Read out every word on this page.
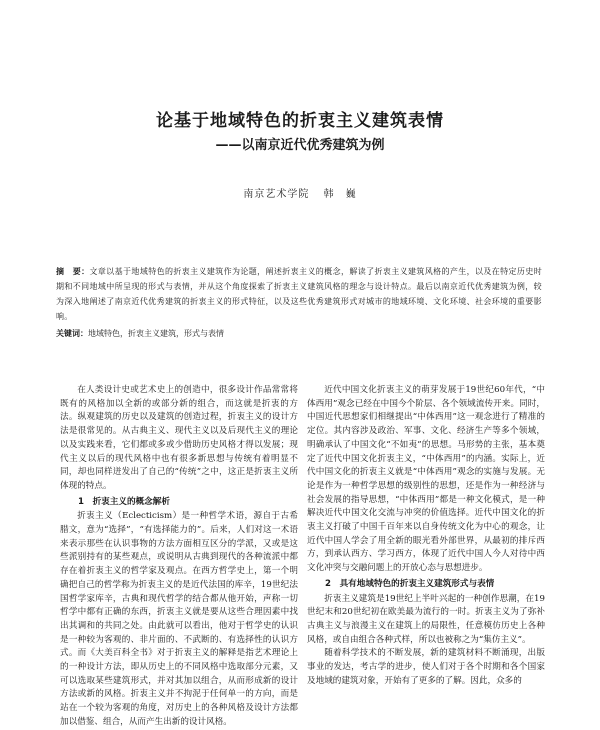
论基于地域特色的折衷主义建筑表情
——以南京近代优秀建筑为例
南京艺术学院 韩　巍
摘　要：文章以基于地域特色的折衷主义建筑作为论题，阐述折衷主义的概念，解读了折衷主义建筑风格的产生，以及在特定历史时期和不同地域中所呈现的形式与表情，并从这个角度探索了折衷主义建筑风格的理念与设计特点。最后以南京近代优秀建筑为例，较为深入地阐述了南京近代优秀建筑的折衷主义的形式特征，以及这些优秀建筑形式对城市的地域环境、文化环境、社会环境的重要影响。
关键词：地域特色，折衷主义建筑，形式与表情

在人类设计史或艺术史上的创造中，很多设计作品常常将既有的风格加以全新的或部分新的组合，而这就是折衷的方法。纵观建筑的历史以及建筑的创造过程，折衷主义的设计方法是很常见的。从古典主义、现代主义以及后现代主义的理论以及实践来看，它们都或多或少借助历史风格才得以发展；现代主义以后的现代风格中也有很多新思想与传统有着明显不同，却也同样迸发出了自己的“传统”之中，这正是折衷主义所体现的特点。

1　折衷主义的概念解析

折衷主义（Eclecticism）是一种哲学术语，源自于古希腊文，意为“选择”，“有选择能力的”。后来，人们对这一术语来表示那些在认识事物的方法方面相互区分的学派，又或是这些派别持有的某些观点，或说明从古典到现代的各种流派中都存在着折衷主义的哲学家及观点。在西方哲学史上，第一个明确把自己的哲学称为折衷主义的是近代法国的库辛，19世纪法国哲学家库辛，古典和现代哲学的结合都从他开始，声称一切哲学中都有正确的东西，折衷主义就是要从这些合理因素中找出其调和的共同之处。由此就可以看出，他对于哲学史的认识是一种较为客观的、非片面的、不武断的、有选择性的认识方式。而《大美百科全书》对于折衷主义的解释是指艺术理论上的一种设计方法，即从历史上的不同风格中选取部分元素，又可以选取某些建筑形式，并对其加以组合，从而形成新的设计方法或新的风格。折衷主义并不拘泥于任何单一的方向，而是站在一个较为客观的角度，对历史上的各种风格及设计方法都加以借鉴、组合，从而产生出新的设计风格。

近代中国文化折衷主义的萌芽发展于19世纪60年代，“中体西用”观念已经在中国今个阶层、各个领域流传开来。同时，中国近代思想家们相继提出“中体西用”这一观念进行了精准的定位。其内容涉及政治、军事、文化、经济生产等多个领域，明确承认了中国文化“不如夷”的思想。马形势的主张，基本奠定了近代中国文化折衷主义，“中体西用”的内涵。实际上，近代中国文化的折衷主义就是“中体西用”观念的实施与发展。无论是作为一种哲学思想的级别性的思想，还是作为一种经济与社会发展的指导思想，“中体西用”都是一种文化模式，是一种解决近代中国文化交流与冲突的价值选择。近代中国文化的折衷主义打破了中国千百年来以自身传统文化为中心的观念，让近代中国人学会了用全新的眼光看外部世界，从最初的排斥西方，到承认西方、学习西方，体现了近代中国人今人对待中西文化冲突与交融问题上的开放心态与思想进步。

2　具有地域特色的折衷主义建筑形式与表情

折衷主义建筑是19世纪上半叶兴起的一种创作思潮，在19世纪末和20世纪初在欧美最为流行的一时。折衷主义为了弥补古典主义与浪漫主义在建筑上的局限性，任意模仿历史上各种风格，或自由组合各种式样，所以也被称之为“集仿主义”。

随着科学技术的不断发展，新的建筑材料不断涌现，出版事业的发达，考古学的进步，使人们对于各个时期和各个国家及地域的建筑对象，开始有了更多的了解。因此，众多的
